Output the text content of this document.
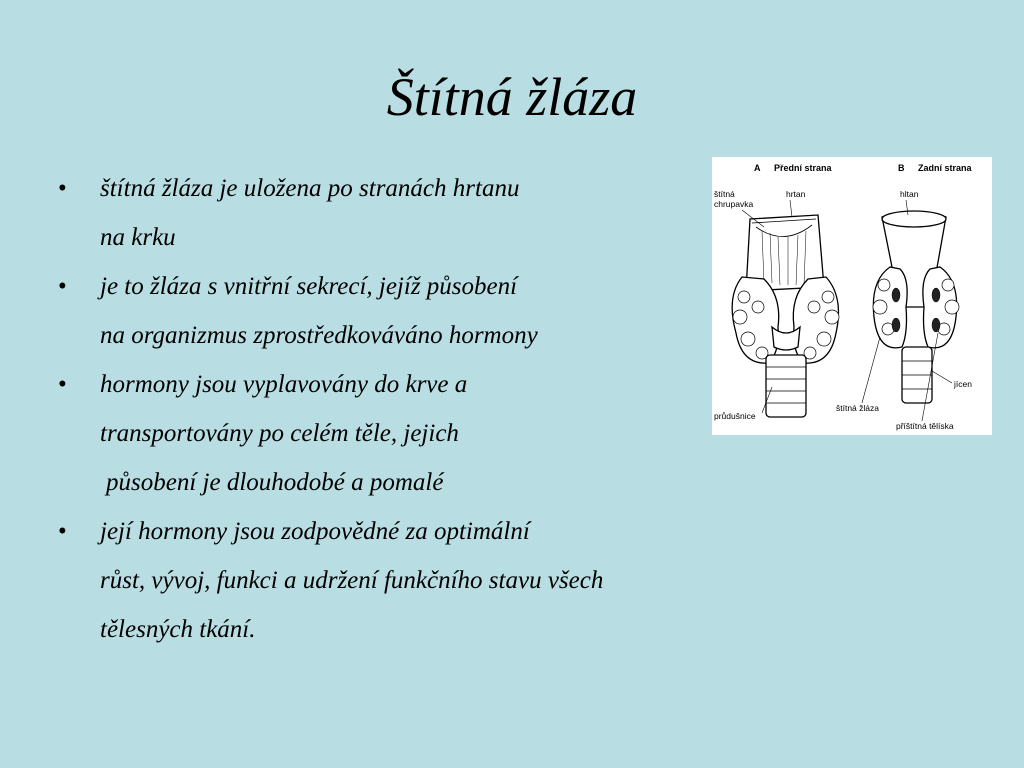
Štítná žláza
• štítná žláza je uložena po stranách hrtanu
na krku
• je to žláza s vnitřní sekrecí, jejíž působení
na organizmus zprostředkováváno hormony
• hormony jsou vyplavovány do krve a
transportovány po celém těle, jejich
působení je dlouhodobé a pomalé
• její hormony jsou zodpovědné za optimální
růst, vývoj, funkci a udržení funkčního stavu všech
tělesných tkání.
A Přední strana	B Zadní strana
štítná
chrupavka
hrtan
průdušnice
hltan
jícen
štítná žláza
příštítná tělíska
